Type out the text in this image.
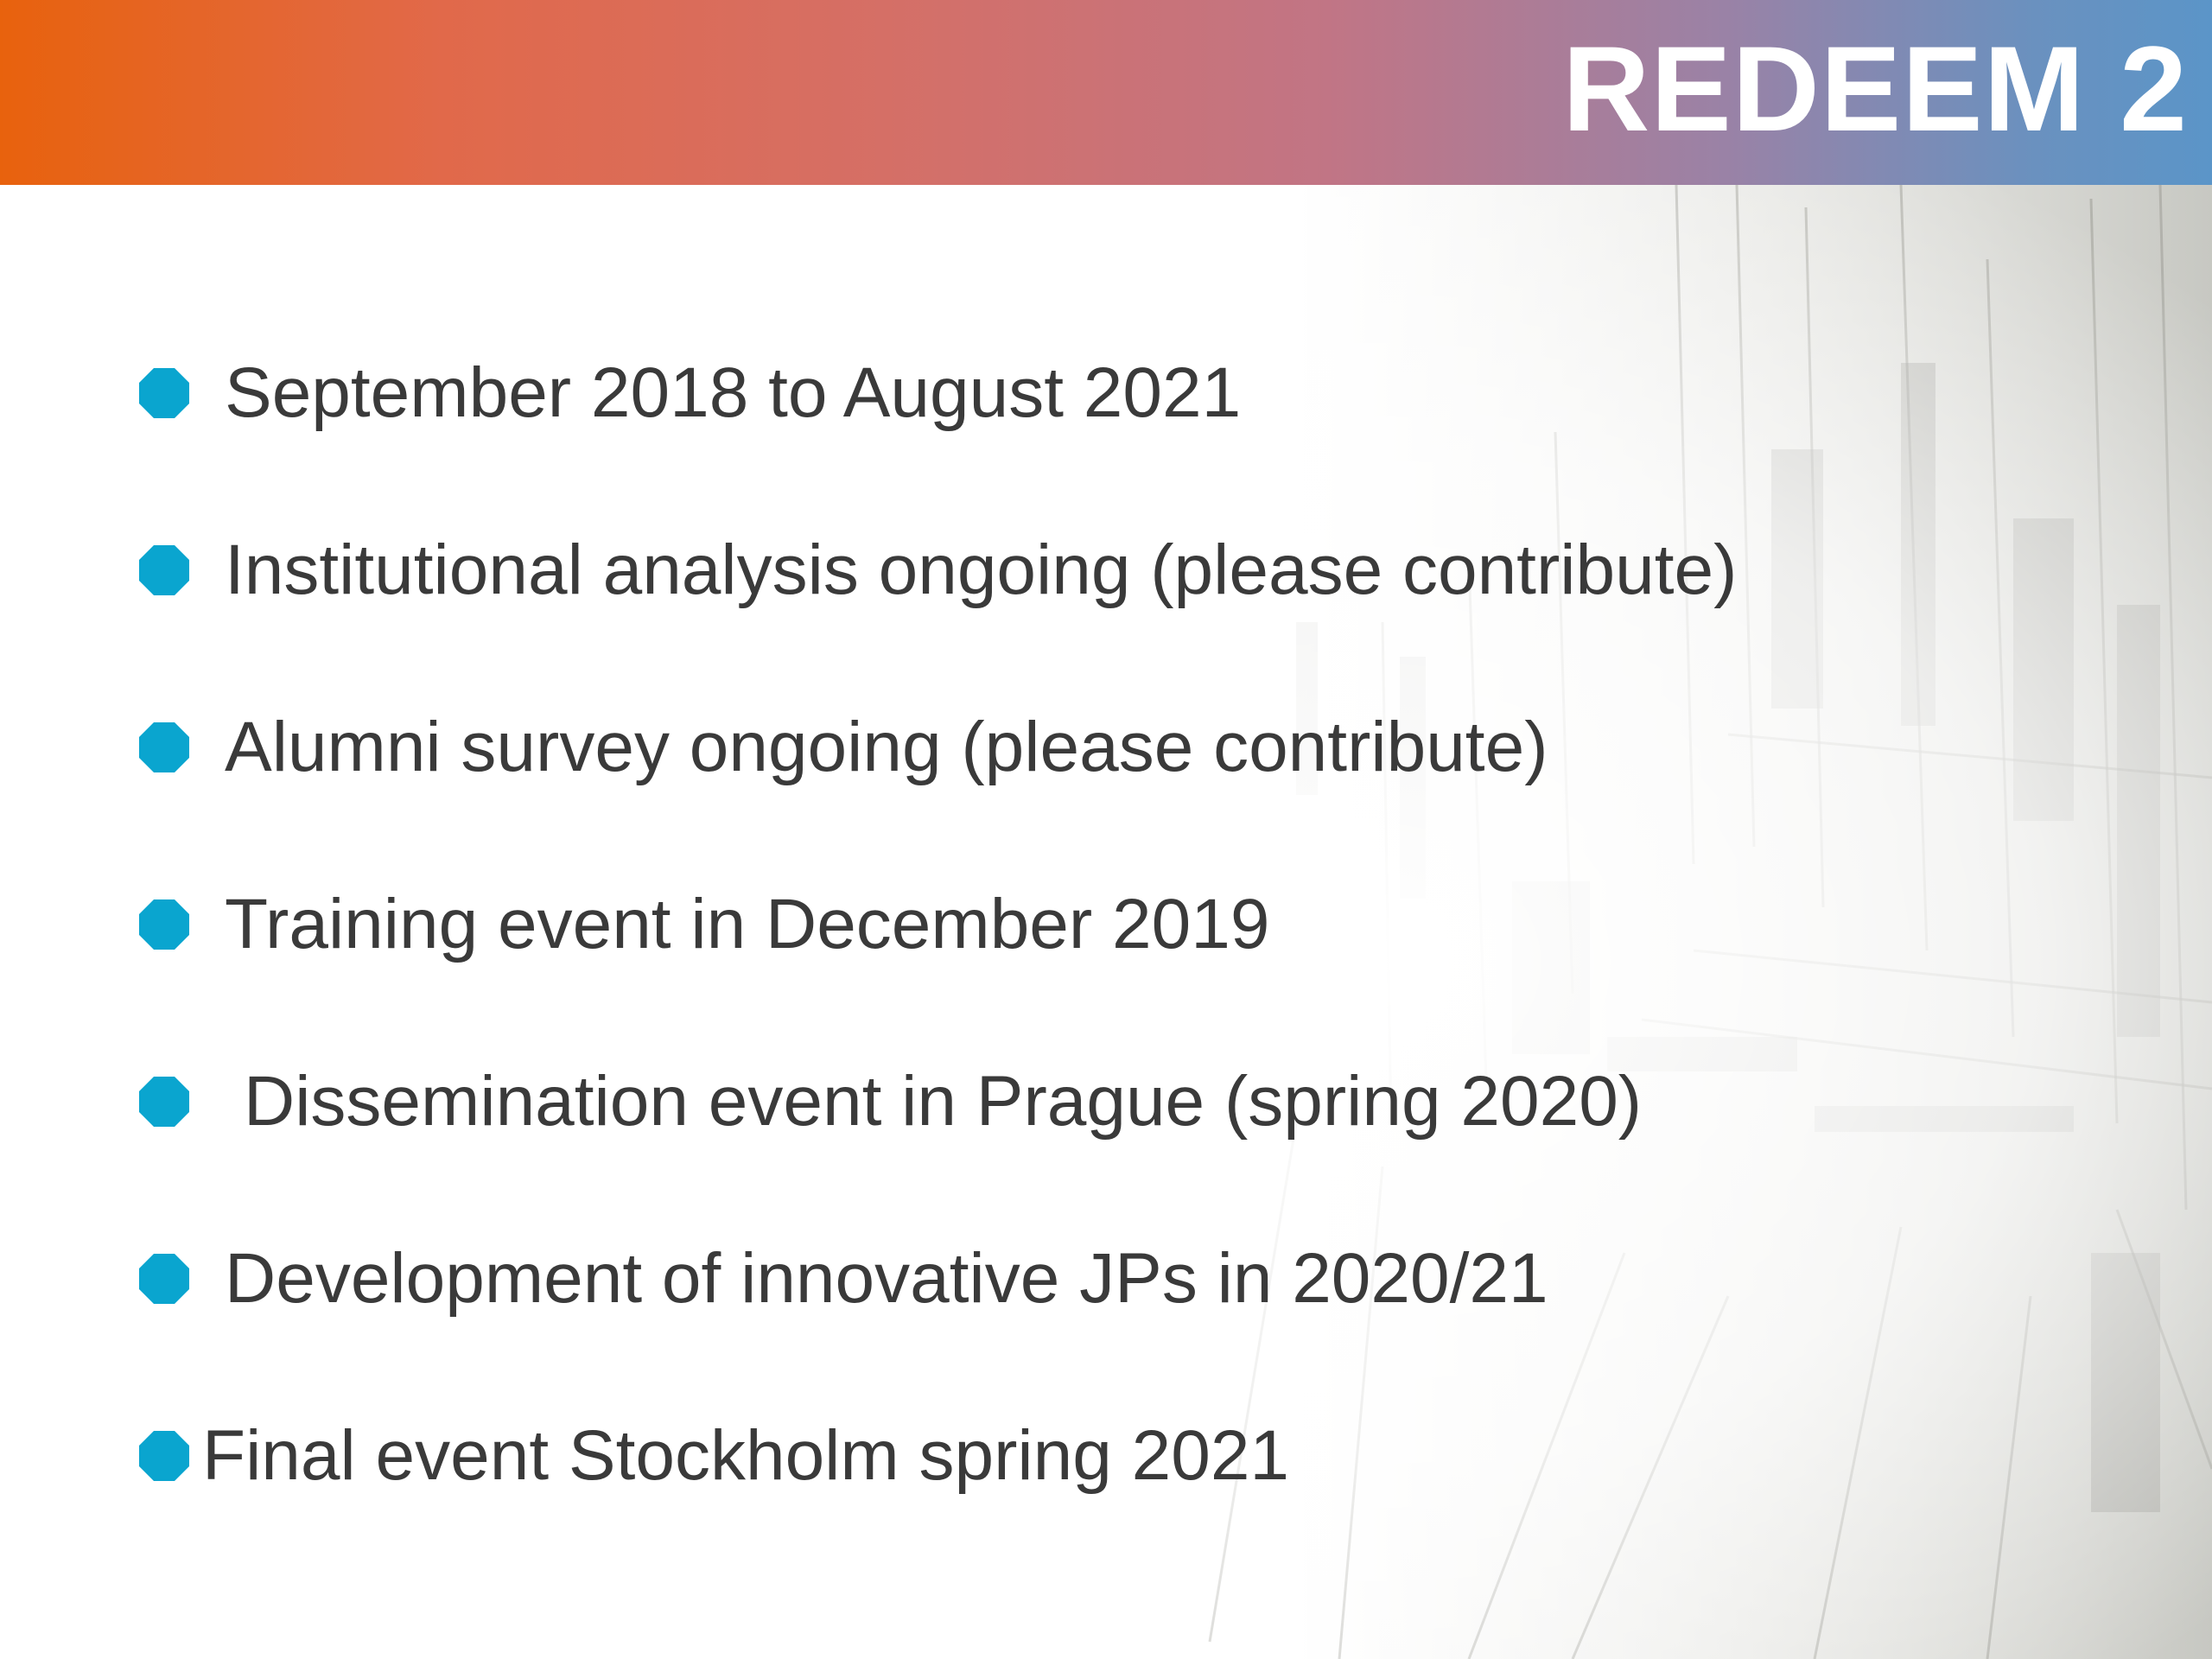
REDEEM 2
September 2018 to August 2021
Institutional analysis ongoing (please contribute)
Alumni survey ongoing (please contribute)
Training event in December 2019
Dissemination event in Prague (spring 2020)
Development of innovative JPs in 2020/21
Final event Stockholm spring 2021
